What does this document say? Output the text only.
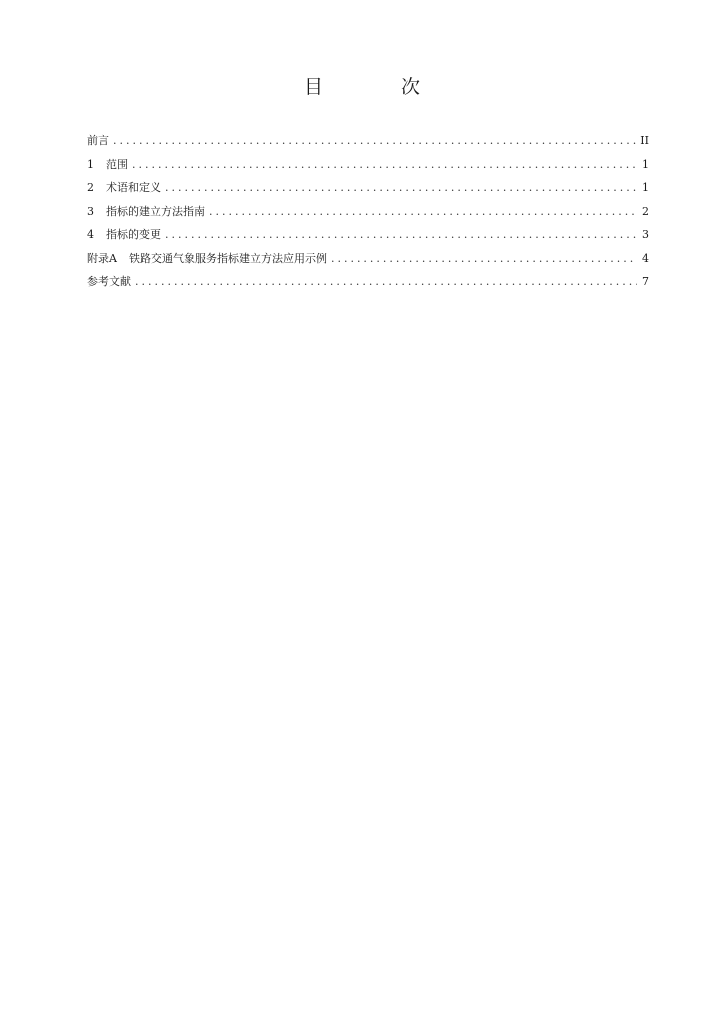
目 次
前言 .....	II
1 范围 .....	1
2 术语和定义 .....	1
3 指标的建立方法指南 .....	2
4 指标的变更 .....	3
附录A 铁路交通气象服务指标建立方法应用示例 .....	4
参考文献 .....	7
